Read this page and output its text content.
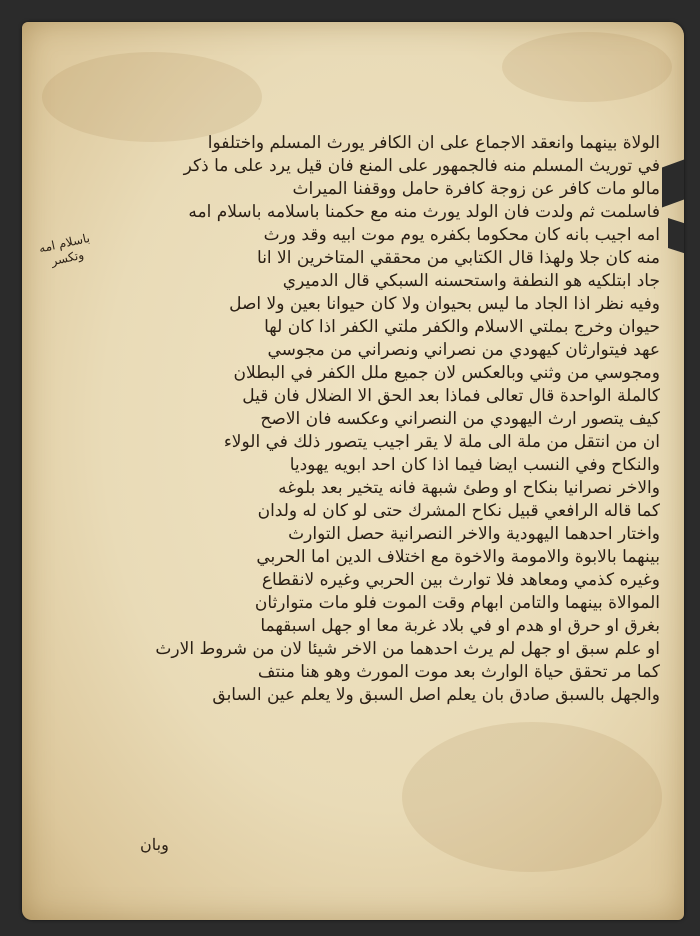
الولاة بينهما وانعقد الاجماع على ان الكافر يورث المسلم واختلفوا
في توريث المسلم منه فالجمهور على المنع فان قيل يرد على ما ذكر
مالو مات كافر عن زوجة كافرة حامل ووقفنا الميراث
فاسلمت ثم ولدت فان الولد يورث منه مع حكمنا باسلامه باسلام امه
امه اجيب بانه كان محكوما بكفره يوم موت ابيه وقد ورث
منه كان جلا ولهذا قال الكتابي من محققي المتاخرين الا انا
جاد ابتلكيه هو النطفة واستحسنه السبكي قال الدميري
وفيه نظر اذا الجاد ما ليس بحيوان ولا كان حيوانا بعين ولا اصل
حيوان وخرج بملتي الاسلام والكفر ملتي الكفر اذا كان لها
عهد فيتوارثان كيهودي من نصراني ونصراني من مجوسي
ومجوسي من وثني وبالعكس لان جميع ملل الكفر في البطلان
كالملة الواحدة قال تعالى فماذا بعد الحق الا الضلال فان قيل
كيف يتصور ارث اليهودي من النصراني وعكسه فان الاصح
ان من انتقل من ملة الى ملة لا يقر اجيب يتصور ذلك في الولاء
والنكاح وفي النسب ايضا فيما اذا كان احد ابويه يهوديا
والاخر نصرانيا بنكاح او وطئ شبهة فانه يتخير بعد بلوغه
كما قاله الرافعي قبيل نكاح المشرك حتى لو كان له ولدان
واختار احدهما اليهودية والاخر النصرانية حصل التوارث
بينهما بالابوة والامومة والاخوة مع اختلاف الدين اما الحربي
وغيره كذمي ومعاهد فلا توارث بين الحربي وغيره لانقطاع
الموالاة بينهما والتامن ابهام وقت الموت فلو مات متوارثان
بغرق او حرق او هدم او في بلاد غربة معا او جهل اسبقهما
او علم سبق او جهل لم يرث احدهما من الاخر شيئا لان من شروط الارث
كما مر تحقق حياة الوارث بعد موت المورث وهو هنا منتف
والجهل بالسبق صادق بان يعلم اصل السبق ولا يعلم عين السابق
باسلام امه
وتكسر
وبان
